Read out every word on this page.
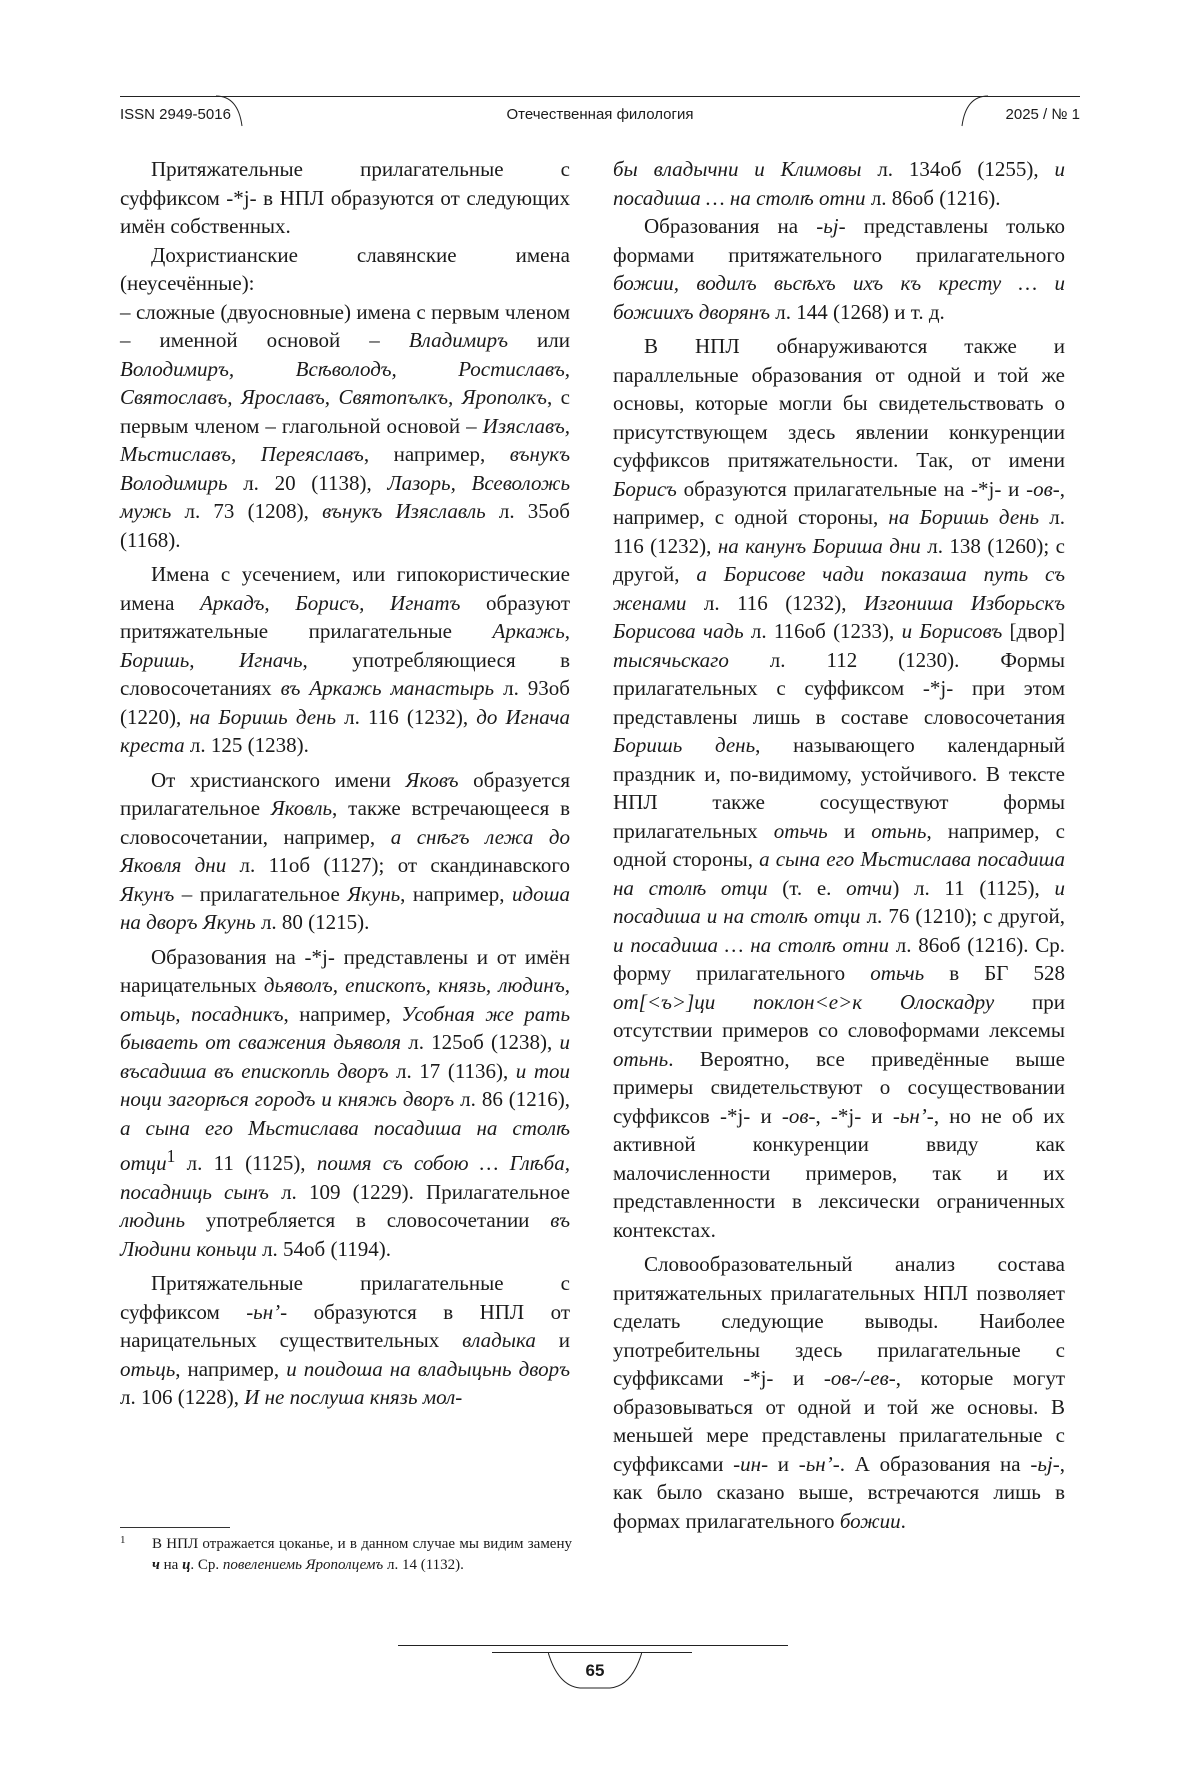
ISSN 2949-5016	Отечественная филология	2025 / № 1

Притяжательные прилагательные с суффиксом -*j- в НПЛ образуются от следующих имён собственных.

Дохристианские славянские имена (неусечённые):

– сложные (двуосновные) имена с первым членом – именной основой – Владимиръ или Володимиръ, Всѣволодъ, Ростиславъ, Святославъ, Ярославъ, Святопълкъ, Ярополкъ, с первым членом – глагольной основой – Изяславъ, Мьстиславъ, Переяславъ, например, вънукъ Володимирь л. 20 (1138), Лазорь, Всеволожь мужь л. 73 (1208), вънукъ Изяславль л. 35об (1168).

Имена с усечением, или гипокористические имена Аркадъ, Борисъ, Игнатъ образуют притяжательные прилагательные Аркажь, Боришь, Игначь, употребляющиеся в словосочетаниях въ Аркажь манастырь л. 93об (1220), на Боришь день л. 116 (1232), до Игнача креста л. 125 (1238).

От христианского имени Яковъ образуется прилагательное Яковль, также встречающееся в словосочетании, например, а снѣгъ лежа до Яковля дни л. 11об (1127); от скандинавского Якунъ – прилагательное Якунь, например, идоша на дворъ Якунь л. 80 (1215).

Образования на -*j- представлены и от имён нарицательных дьяволъ, епископъ, князь, людинъ, отьць, посадникъ, например, Усобная же рать бываеть от сважения дьяволя л. 125об (1238), и въсадиша въ епископль дворъ л. 17 (1136), и тои ноци загорѣся городъ и княжь дворъ л. 86 (1216), а сына его Мьстислава посадиша на столѣ отци$^1$ л. 11 (1125), поимя съ собою … Глѣба, посадниць сынъ л. 109 (1229). Прилагательное людинь употребляется в словосочетании въ Людини коньци л. 54об (1194).

Притяжательные прилагательные с суффиксом -ьн’- образуются в НПЛ от нарицательных существительных владыка и отьць, например, и поидоша на владыцьнь дворъ л. 106 (1228), И не послуша князь мол-

1 В НПЛ отражается цоканье, и в данном случае мы видим замену ч на ц. Ср. повелениемь Ярополцемъ л. 14 (1132).

бы владычни и Климовы л. 134об (1255), и посадиша … на столѣ отни л. 86об (1216).

Образования на -ьj- представлены только формами притяжательного прилагательного божии, водилъ вьсѣхъ ихъ къ кресту … и божиихъ дворянъ л. 144 (1268) и т. д.

В НПЛ обнаруживаются также и параллельные образования от одной и той же основы, которые могли бы свидетельствовать о присутствующем здесь явлении конкуренции суффиксов притяжательности. Так, от имени Борисъ образуются прилагательные на -*j- и -ов-, например, с одной стороны, на Боришь день л. 116 (1232), на канунъ Бориша дни л. 138 (1260); с другой, а Борисове чади показаша путь съ женами л. 116 (1232), Изгониша Изборьскъ Борисова чадь л. 116об (1233), и Борисовъ [двор] тысячьскаго л. 112 (1230). Формы прилагательных с суффиксом -*j- при этом представлены лишь в составе словосочетания Боришь день, называющего календарный праздник и, по-видимому, устойчивого. В тексте НПЛ также сосуществуют формы прилагательных отьчь и отьнь, например, с одной стороны, а сына его Мьстислава посадиша на столѣ отци (т. е. отчи) л. 11 (1125), и посадиша и на столѣ отци л. 76 (1210); с другой, и посадиша … на столѣ отни л. 86об (1216). Ср. форму прилагательного отьчь в БГ 528 от[<ъ>]ци поклон<е>к Олоскадру при отсутствии примеров со словоформами лексемы отьнь. Вероятно, все приведённые выше примеры свидетельствуют о сосуществовании суффиксов -*j- и -ов-, -*j- и -ьн’-, но не об их активной конкуренции ввиду как малочисленности примеров, так и их представленности в лексически ограниченных контекстах.

Словообразовательный анализ состава притяжательных прилагательных НПЛ позволяет сделать следующие выводы. Наиболее употребительны здесь прилагательные с суффиксами -*j- и -ов-/-ев-, которые могут образовываться от одной и той же основы. В меньшей мере представлены прилагательные с суффиксами -ин- и -ьн’-. А образования на -ьj-, как было сказано выше, встречаются лишь в формах прилагательного божии.

65
